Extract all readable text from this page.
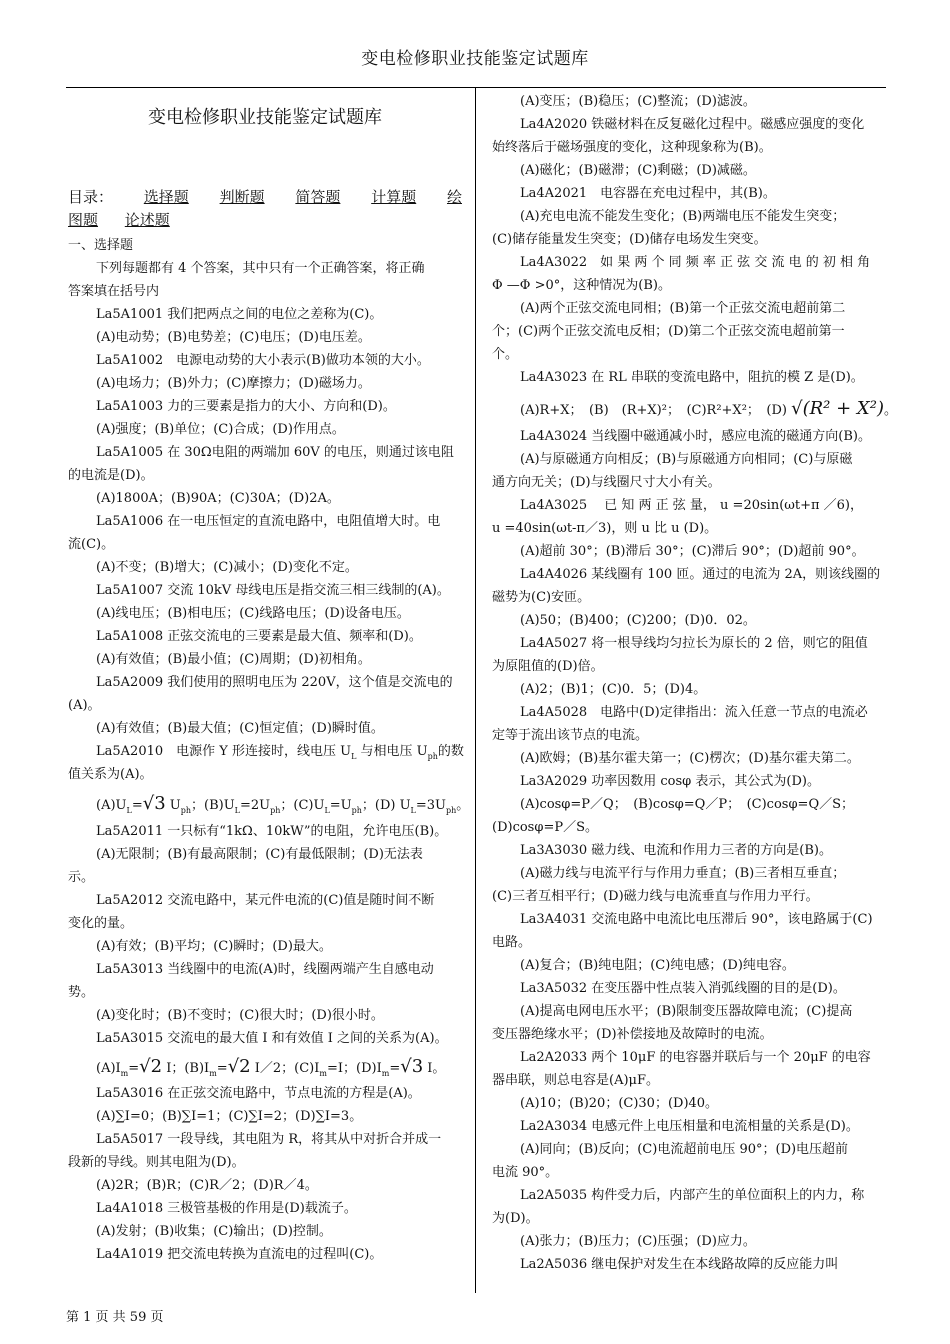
变电检修职业技能鉴定试题库
变电检修职业技能鉴定试题库
目录： 选择题 判断题 简答题 计算题 绘
图题 论述题
一、选择题
下列每题都有 4 个答案，其中只有一个正确答案，将正确
答案填在括号内
La5A1001 我们把两点之间的电位之差称为(C)。
(A)电动势；(B)电势差；(C)电压；(D)电压差。
La5A1002　电源电动势的大小表示(B)做功本领的大小。
(A)电场力；(B)外力；(C)摩擦力；(D)磁场力。
La5A1003 力的三要素是指力的大小、方向和(D)。
(A)强度；(B)单位；(C)合成；(D)作用点。
La5A1005 在 30Ω电阻的两端加 60V 的电压，则通过该电阻
的电流是(D)。
(A)1800A；(B)90A；(C)30A；(D)2A。
La5A1006 在一电压恒定的直流电路中，电阻值增大时。电
流(C)。
(A)不变；(B)增大；(C)减小；(D)变化不定。
La5A1007 交流 10kV 母线电压是指交流三相三线制的(A)。
(A)线电压；(B)相电压；(C)线路电压；(D)设备电压。
La5A1008 正弦交流电的三要素是最大值、频率和(D)。
(A)有效值；(B)最小值；(C)周期；(D)初相角。
La5A2009 我们使用的照明电压为 220V，这个值是交流电的
(A)。
(A)有效值；(B)最大值；(C)恒定值；(D)瞬时值。
La5A2010　电源作 Y 形连接时，线电压 $U_L$ 与相电压 $U_{ph}$的数
值关系为(A)。
$(A)U_L=√3$ $U_{ph}$；$(B)U_L=2U_{ph}$；$(C)U_L=U_{ph}$；(D) $U_L=3U_{ph}$。
La5A2011 一只标有“1kΩ、10kW”的电阻，允许电压(B)。
(A)无限制；(B)有最高限制；(C)有最低限制；(D)无法表
示。
La5A2012 交流电路中，某元件电流的(C)值是随时间不断
变化的量。
(A)有效；(B)平均；(C)瞬时；(D)最大。
La5A3013 当线圈中的电流(A)时，线圈两端产生自感电动
势。
(A)变化时；(B)不变时；(C)很大时；(D)很小时。
La5A3015 交流电的最大值 I 和有效值 I 之间的关系为(A)。
$(A)I_m=√2$ I；$(B)I_m=√2$ I／2；$(C)I_m=I$；$(D)I_m=√3$ I。
La5A3016 在正弦交流电路中，节点电流的方程是(A)。
(A)∑I=0；(B)∑I=1；(C)∑I=2；(D)∑I=3。
La5A5017 一段导线，其电阻为 R，将其从中对折合并成一
段新的导线。则其电阻为(D)。
(A)2R；(B)R；(C)R／2；(D)R／4。
La4A1018 三极管基极的作用是(D)载流子。
(A)发射；(B)收集；(C)输出；(D)控制。
La4A1019 把交流电转换为直流电的过程叫(C)。
(A)变压；(B)稳压；(C)整流；(D)滤波。
La4A2020 铁磁材料在反复磁化过程中。磁感应强度的变化
始终落后于磁场强度的变化，这种现象称为(B)。
(A)磁化；(B)磁滞；(C)剩磁；(D)减磁。
La4A2021　电容器在充电过程中，其(B)。
(A)充电电流不能发生变化；(B)两端电压不能发生突变；
(C)储存能量发生突变；(D)储存电场发生突变。
La4A3022　如 果 两 个 同 频 率 正 弦 交 流 电 的 初 相 角
Φ —Φ >0°，这种情况为(B)。
(A)两个正弦交流电同相；(B)第一个正弦交流电超前第二
个；(C)两个正弦交流电反相；(D)第二个正弦交流电超前第一
个。
La4A3023 在 RL 串联的变流电路中，阻抗的模 Z 是(D)。
(A)R+X；　(B)　(R+X)²；　(C)R²+X²；　(D) √(R² + X²)。
La4A3024 当线圈中磁通减小时，感应电流的磁通方向(B)。
(A)与原磁通方向相反；(B)与原磁通方向相同；(C)与原磁
通方向无关；(D)与线圈尺寸大小有关。
La4A3025　 已 知 两 正 弦 量， u =20sin(ωt+π ／6)，
u =40sin(ωt-π／3)，则 u 比 u (D)。
(A)超前 30°；(B)滞后 30°；(C)滞后 90°；(D)超前 90°。
La4A4026 某线圈有 100 匝。通过的电流为 2A，则该线圈的
磁势为(C)安匝。
(A)50；(B)400；(C)200；(D)0．02。
La4A5027 将一根导线均匀拉长为原长的 2 倍，则它的阻值
为原阻值的(D)倍。
(A)2；(B)1；(C)0．5；(D)4。
La4A5028　电路中(D)定律指出：流入任意一节点的电流必
定等于流出该节点的电流。
(A)欧姆；(B)基尔霍夫第一；(C)楞次；(D)基尔霍夫第二。
La3A2029 功率因数用 cosφ 表示，其公式为(D)。
(A)cosφ=P／Q；　(B)cosφ=Q／P；　(C)cosφ=Q／S；
(D)cosφ=P／S。
La3A3030 磁力线、电流和作用力三者的方向是(B)。
(A)磁力线与电流平行与作用力垂直；(B)三者相互垂直；
(C)三者互相平行；(D)磁力线与电流垂直与作用力平行。
La3A4031 交流电路中电流比电压滞后 90°，该电路属于(C)
电路。
(A)复合；(B)纯电阻；(C)纯电感；(D)纯电容。
La3A5032 在变压器中性点装入消弧线圈的目的是(D)。
(A)提高电网电压水平；(B)限制变压器故障电流；(C)提高
变压器绝缘水平；(D)补偿接地及故障时的电流。
La2A2033 两个 10μF 的电容器并联后与一个 20μF 的电容
器串联，则总电容是(A)μF。
(A)10；(B)20；(C)30；(D)40。
La2A3034 电感元件上电压相量和电流相量的关系是(D)。
(A)同向；(B)反向；(C)电流超前电压 90°；(D)电压超前
电流 90°。
La2A5035 构件受力后，内部产生的单位面积上的内力，称
为(D)。
(A)张力；(B)压力；(C)压强；(D)应力。
La2A5036 继电保护对发生在本线路故障的反应能力叫
第 1 页 共 59 页
